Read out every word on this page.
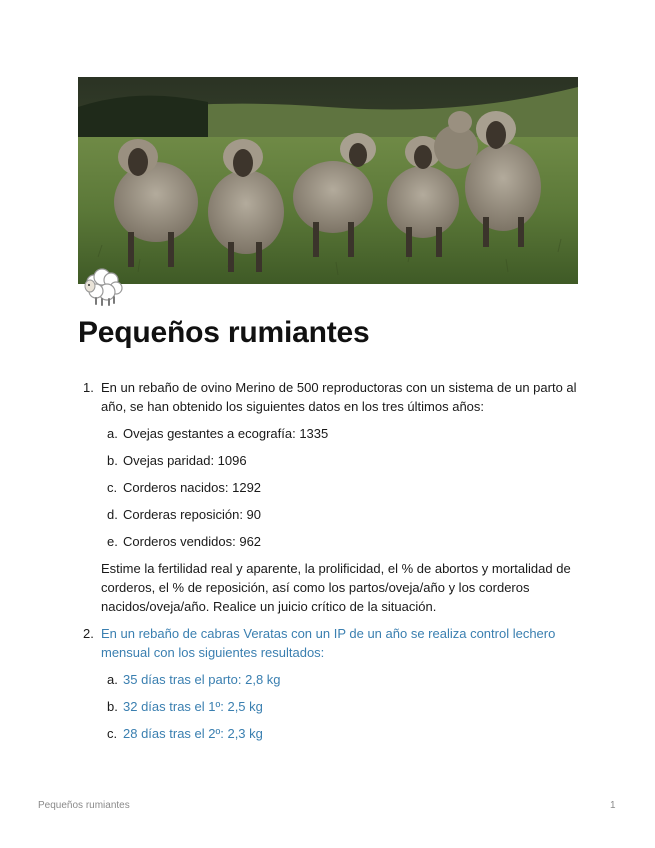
Pequeños rumiantes
1. En un rebaño de ovino Merino de 500 reproductoras con un sistema de un parto al año, se han obtenido los siguientes datos en los tres últimos años:
a. Ovejas gestantes a ecografía: 1335
b. Ovejas paridad: 1096
c. Corderos nacidos: 1292
d. Corderas reposición: 90
e. Corderos vendidos: 962
Estime la fertilidad real y aparente, la prolificidad, el % de abortos y mortalidad de corderos, el % de reposición, así como los partos/oveja/año y los corderos nacidos/oveja/año. Realice un juicio crítico de la situación.
2. En un rebaño de cabras Veratas con un IP de un año se realiza control lechero mensual con los siguientes resultados:
a. 35 días tras el parto: 2,8 kg
b. 32 días tras el 1º: 2,5 kg
c. 28 días tras el 2º: 2,3 kg
Pequeños rumiantes	1
